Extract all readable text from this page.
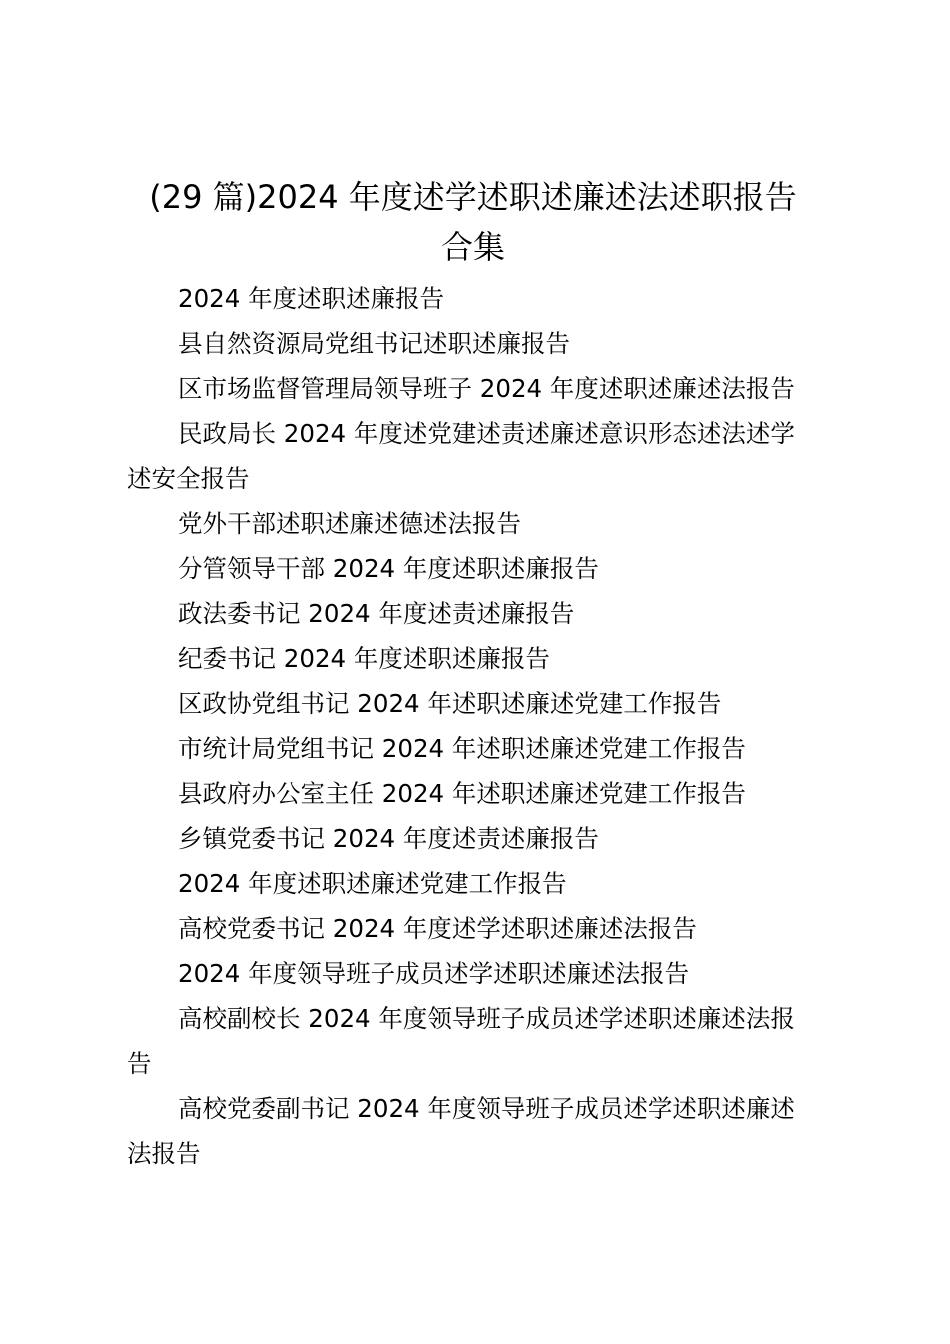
(29 篇)2024 年度述学述职述廉述法述职报告
合集

2024 年度述职述廉报告

县自然资源局党组书记述职述廉报告

区市场监督管理局领导班子 2024 年度述职述廉述法报告

民政局长 2024 年度述党建述责述廉述意识形态述法述学述安全报告

党外干部述职述廉述德述法报告

分管领导干部 2024 年度述职述廉报告

政法委书记 2024 年度述责述廉报告

纪委书记 2024 年度述职述廉报告

区政协党组书记 2024 年述职述廉述党建工作报告

市统计局党组书记 2024 年述职述廉述党建工作报告

县政府办公室主任 2024 年述职述廉述党建工作报告

乡镇党委书记 2024 年度述责述廉报告

2024 年度述职述廉述党建工作报告

高校党委书记 2024 年度述学述职述廉述法报告

2024 年度领导班子成员述学述职述廉述法报告

高校副校长 2024 年度领导班子成员述学述职述廉述法报告

高校党委副书记 2024 年度领导班子成员述学述职述廉述法报告
